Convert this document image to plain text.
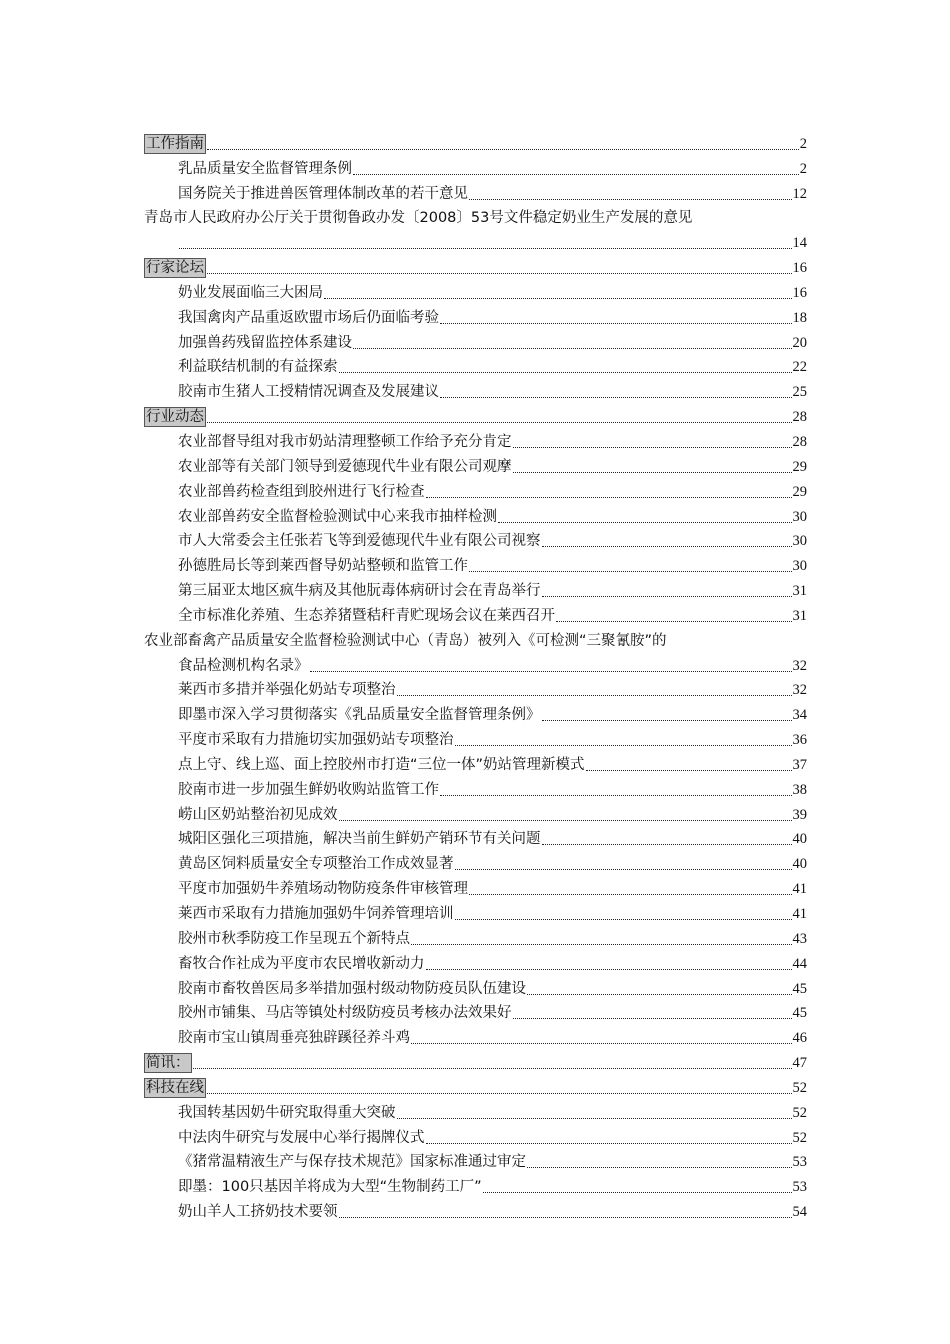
工作指南	2
乳品质量安全监督管理条例	2
国务院关于推进兽医管理体制改革的若干意见	12
青岛市人民政府办公厅关于贯彻鲁政办发〔2008〕53号文件稳定奶业生产发展的意见
14
行家论坛	16
奶业发展面临三大困局	16
我国禽肉产品重返欧盟市场后仍面临考验	18
加强兽药残留监控体系建设	20
利益联结机制的有益探索	22
胶南市生猪人工授精情况调查及发展建议	25
行业动态	28
农业部督导组对我市奶站清理整顿工作给予充分肯定	28
农业部等有关部门领导到爱德现代牛业有限公司观摩	29
农业部兽药检查组到胶州进行飞行检查	29
农业部兽药安全监督检验测试中心来我市抽样检测	30
市人大常委会主任张若飞等到爱德现代牛业有限公司视察	30
孙德胜局长等到莱西督导奶站整顿和监管工作	30
第三届亚太地区疯牛病及其他朊毒体病研讨会在青岛举行	31
全市标准化养殖、生态养猪暨秸秆青贮现场会议在莱西召开	31
农业部畜禽产品质量安全监督检验测试中心（青岛）被列入《可检测“三聚氰胺”的
食品检测机构名录》	32
莱西市多措并举强化奶站专项整治	32
即墨市深入学习贯彻落实《乳品质量安全监督管理条例》	34
平度市采取有力措施切实加强奶站专项整治	36
点上守、线上巡、面上控胶州市打造“三位一体”奶站管理新模式	37
胶南市进一步加强生鲜奶收购站监管工作	38
崂山区奶站整治初见成效	39
城阳区强化三项措施，解决当前生鲜奶产销环节有关问题	40
黄岛区饲料质量安全专项整治工作成效显著	40
平度市加强奶牛养殖场动物防疫条件审核管理	41
莱西市采取有力措施加强奶牛饲养管理培训	41
胶州市秋季防疫工作呈现五个新特点	43
畜牧合作社成为平度市农民增收新动力	44
胶南市畜牧兽医局多举措加强村级动物防疫员队伍建设	45
胶州市铺集、马店等镇处村级防疫员考核办法效果好	45
胶南市宝山镇周垂亮独辟蹊径养斗鸡	46
简讯：	47
科技在线	52
我国转基因奶牛研究取得重大突破	52
中法肉牛研究与发展中心举行揭牌仪式	52
《猪常温精液生产与保存技术规范》国家标准通过审定	53
即墨：100只基因羊将成为大型“生物制药工厂”	53
奶山羊人工挤奶技术要领	54
